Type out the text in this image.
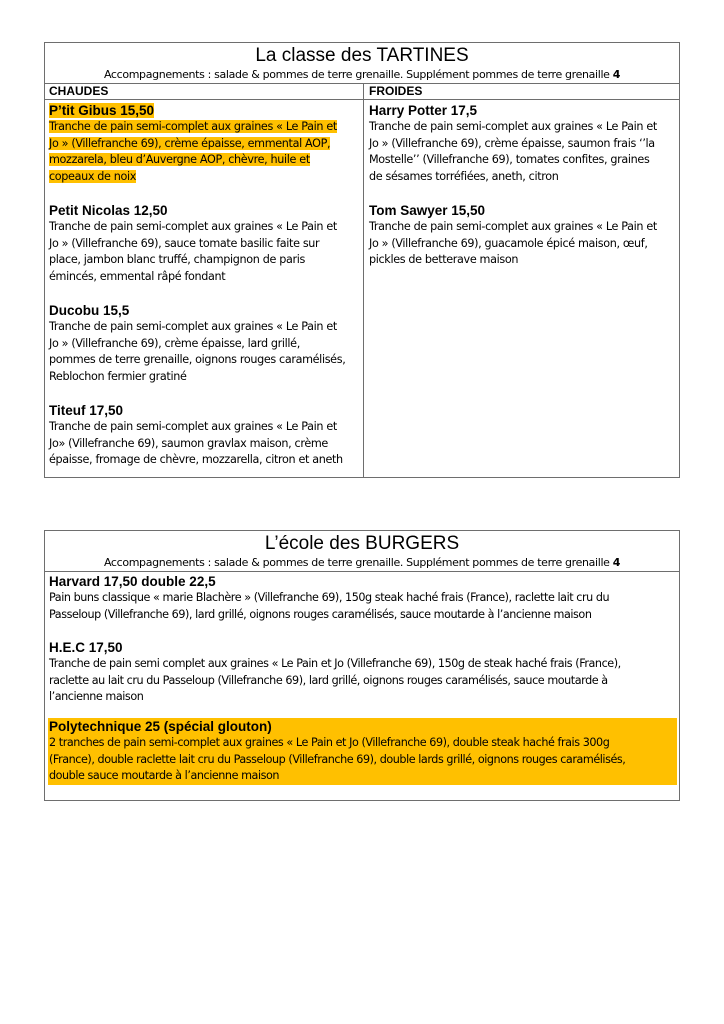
La classe des TARTINES
Accompagnements : salade & pommes de terre grenaille. Supplément pommes de terre grenaille 4
CHAUDES	FROIDES
P’tit Gibus 15,50
Tranche de pain semi-complet aux graines « Le Pain et
Jo » (Villefranche 69), crème épaisse, emmental AOP,
mozzarela, bleu d’Auvergne AOP, chèvre, huile et
copeaux de noix
Petit Nicolas 12,50
Tranche de pain semi-complet aux graines « Le Pain et
Jo » (Villefranche 69), sauce tomate basilic faite sur
place, jambon blanc truffé, champignon de paris
émincés, emmental râpé fondant
Ducobu 15,5
Tranche de pain semi-complet aux graines « Le Pain et
Jo » (Villefranche 69), crème épaisse, lard grillé,
pommes de terre grenaille, oignons rouges caramélisés,
Reblochon fermier gratiné
Titeuf 17,50
Tranche de pain semi-complet aux graines « Le Pain et
Jo» (Villefranche 69), saumon gravlax maison, crème
épaisse, fromage de chèvre, mozzarella, citron et aneth
Harry Potter 17,5
Tranche de pain semi-complet aux graines « Le Pain et
Jo » (Villefranche 69), crème épaisse, saumon frais ‘’la
Mostelle’’ (Villefranche 69), tomates confites, graines
de sésames torréfiées, aneth, citron
Tom Sawyer 15,50
Tranche de pain semi-complet aux graines « Le Pain et
Jo » (Villefranche 69), guacamole épicé maison, œuf,
pickles de betterave maison
L’école des BURGERS
Accompagnements : salade & pommes de terre grenaille. Supplément pommes de terre grenaille 4
Harvard 17,50 double 22,5
Pain buns classique « marie Blachère » (Villefranche 69), 150g steak haché frais (France), raclette lait cru du
Passeloup (Villefranche 69), lard grillé, oignons rouges caramélisés, sauce moutarde à l’ancienne maison
H.E.C 17,50
Tranche de pain semi complet aux graines « Le Pain et Jo (Villefranche 69), 150g de steak haché frais (France),
raclette au lait cru du Passeloup (Villefranche 69), lard grillé, oignons rouges caramélisés, sauce moutarde à
l’ancienne maison
Polytechnique 25 (spécial glouton)
2 tranches de pain semi-complet aux graines « Le Pain et Jo (Villefranche 69), double steak haché frais 300g
(France), double raclette lait cru du Passeloup (Villefranche 69), double lards grillé, oignons rouges caramélisés,
double sauce moutarde à l’ancienne maison
